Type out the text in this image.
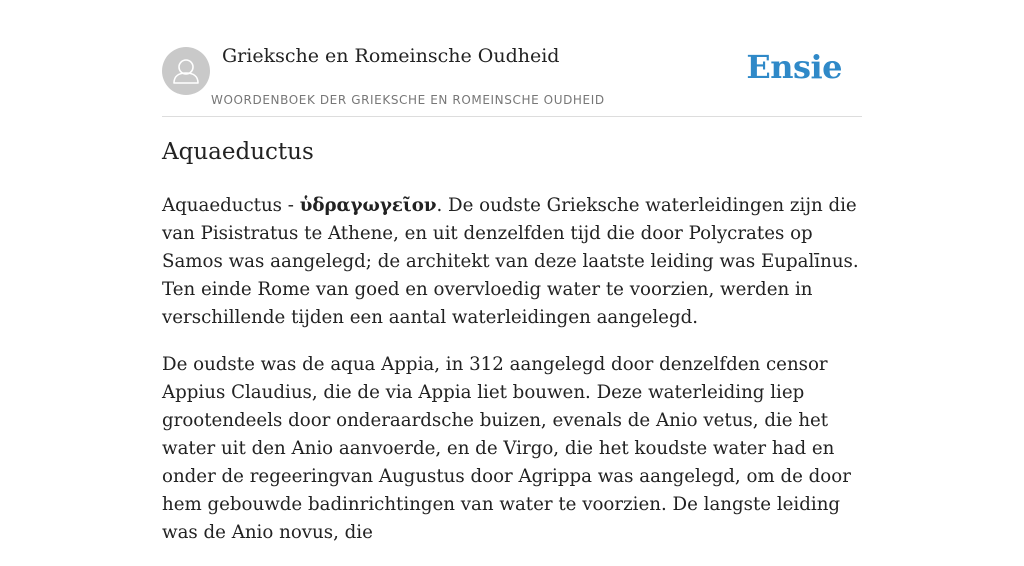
Grieksche en Romeinsche Oudheid
WOORDENBOEK DER GRIEKSCHE EN ROMEINSCHE OUDHEID
Ensie
Aquaeductus

Aquaeductus - ὑδραγωγεῖον. De oudste Grieksche waterleidingen zijn die van Pisistratus te Athene, en uit denzelfden tijd die door Polycrates op Samos was aangelegd; de architekt van deze laatste leiding was Eupalīnus. Ten einde Rome van goed en overvloedig water te voorzien, werden in verschillende tijden een aantal waterleidingen aangelegd.

De oudste was de aqua Appia, in 312 aangelegd door denzelfden censor Appius Claudius, die de via Appia liet bouwen. Deze waterleiding liep grootendeels door onderaardsche buizen, evenals de Anio vetus, die het water uit den Anio aanvoerde, en de Virgo, die het koudste water had en onder de regeeringvan Augustus door Agrippa was aangelegd, om de door hem gebouwde badinrichtingen van water te voorzien. De langste leiding was de Anio novus, die
